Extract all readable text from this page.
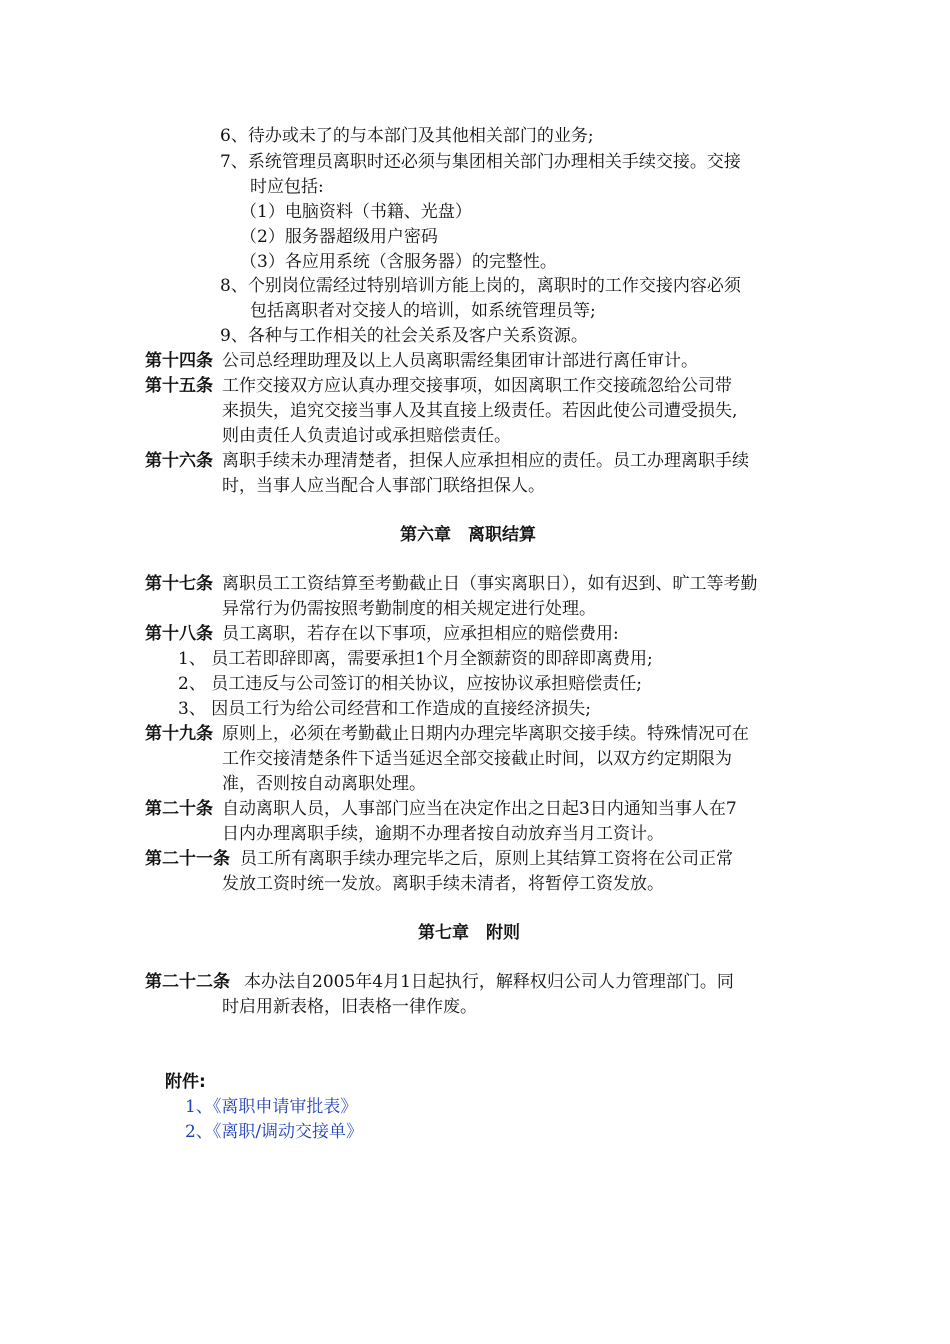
6、待办或未了的与本部门及其他相关部门的业务;
7、系统管理员离职时还必须与集团相关部门办理相关手续交接。交接
时应包括:
（1）电脑资料（书籍、光盘）
（2）服务器超级用户密码
（3）各应用系统（含服务器）的完整性。
8、个别岗位需经过特别培训方能上岗的，离职时的工作交接内容必须
包括离职者对交接人的培训，如系统管理员等;
9、各种与工作相关的社会关系及客户关系资源。
第十四条 公司总经理助理及以上人员离职需经集团审计部进行离任审计。
第十五条 工作交接双方应认真办理交接事项，如因离职工作交接疏忽给公司带
来损失，追究交接当事人及其直接上级责任。若因此使公司遭受损失,
则由责任人负责追讨或承担赔偿责任。
第十六条 离职手续未办理清楚者，担保人应承担相应的责任。员工办理离职手续
时，当事人应当配合人事部门联络担保人。
第六章　离职结算
第十七条 离职员工工资结算至考勤截止日（事实离职日），如有迟到、旷工等考勤
异常行为仍需按照考勤制度的相关规定进行处理。
第十八条 员工离职，若存在以下事项，应承担相应的赔偿费用:
1、 员工若即辞即离，需要承担1个月全额薪资的即辞即离费用;
2、 员工违反与公司签订的相关协议，应按协议承担赔偿责任;
3、 因员工行为给公司经营和工作造成的直接经济损失;
第十九条 原则上，必须在考勤截止日期内办理完毕离职交接手续。特殊情况可在
工作交接清楚条件下适当延迟全部交接截止时间，以双方约定期限为
准，否则按自动离职处理。
第二十条 自动离职人员，人事部门应当在决定作出之日起3日内通知当事人在7
日内办理离职手续，逾期不办理者按自动放弃当月工资计。
第二十一条 员工所有离职手续办理完毕之后，原则上其结算工资将在公司正常
发放工资时统一发放。离职手续未清者，将暂停工资发放。
第七章　附则
第二十二条 本办法自2005年4月1日起执行，解释权归公司人力管理部门。同
时启用新表格，旧表格一律作废。
附件:
1、《离职申请审批表》
2、《离职/调动交接单》
